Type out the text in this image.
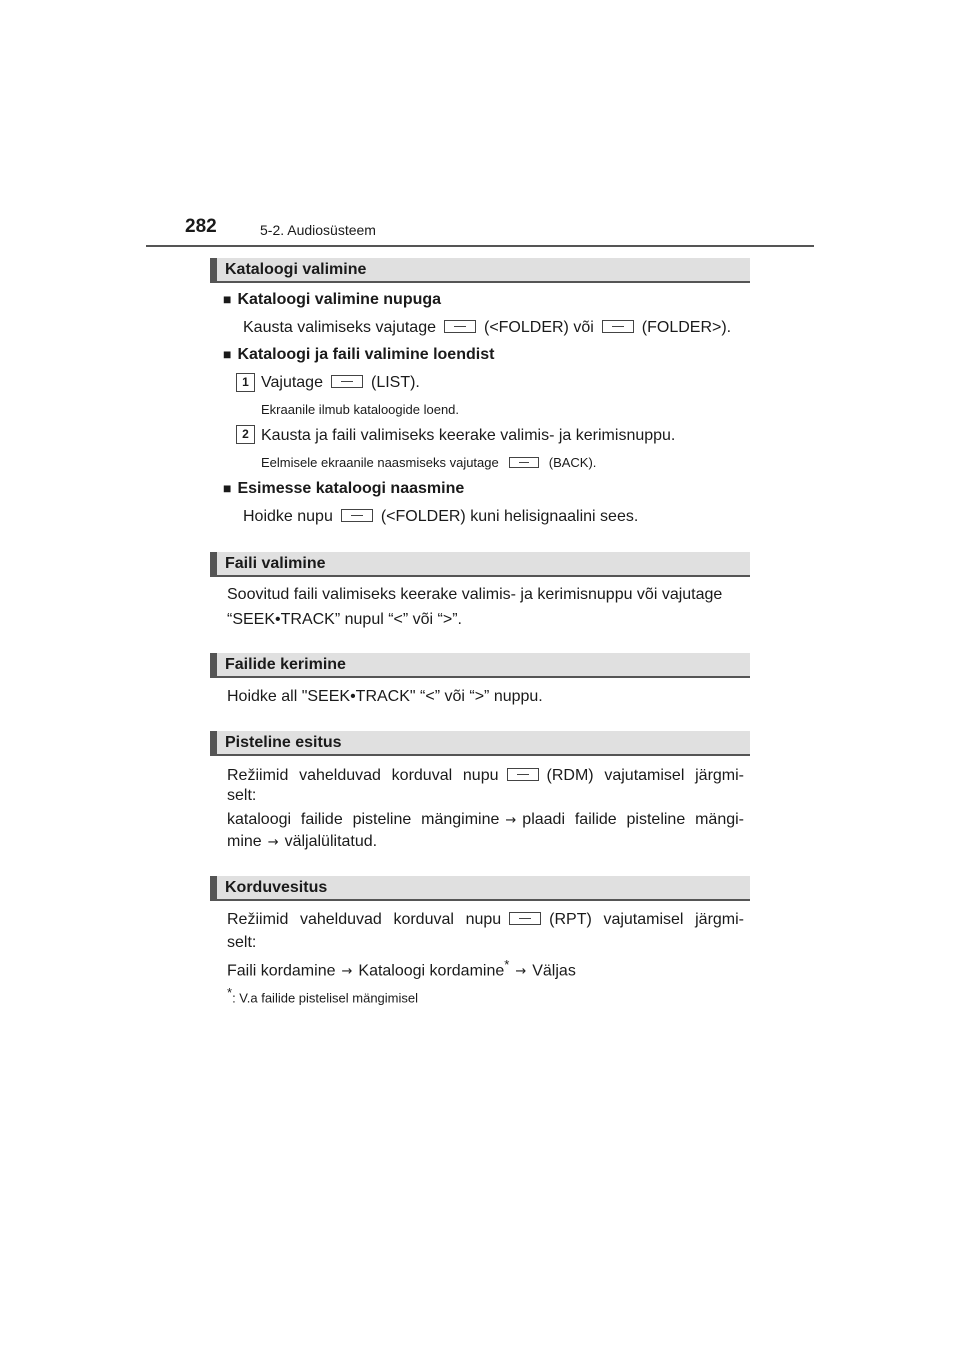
282	5-2. Audiosüsteem
Kataloogi valimine
■ Kataloogi valimine nupuga
Kausta valimiseks vajutage	(<FOLDER) või	(FOLDER>).
■ Kataloogi ja faili valimine loendist
1 Vajutage	(LIST).
Ekraanile ilmub kataloogide loend.
2 Kausta ja faili valimiseks keerake valimis- ja kerimisnuppu.
Eelmisele ekraanile naasmiseks vajutage	(BACK).
■ Esimesse kataloogi naasmine
Hoidke nupu	(<FOLDER) kuni helisignaalini sees.
Faili valimine
Soovitud faili valimiseks keerake valimis- ja kerimisnuppu või vajutage
“SEEK•TRACK” nupul “<” või “>”.
Failide kerimine
Hoidke all "SEEK•TRACK" “<” või “>” nuppu.
Pisteline esitus
Režiimid vahelduvad korduval nupu	(RDM) vajutamisel järgmi-
selt:
kataloogi failide pisteline mängimine → plaadi failide pisteline mängi-
mine → väljalülitatud.
Korduvesitus
Režiimid vahelduvad korduval nupu	(RPT) vajutamisel järgmi-
selt:
Faili kordamine → Kataloogi kordamine* → Väljas
*: V.a failide pistelisel mängimisel
